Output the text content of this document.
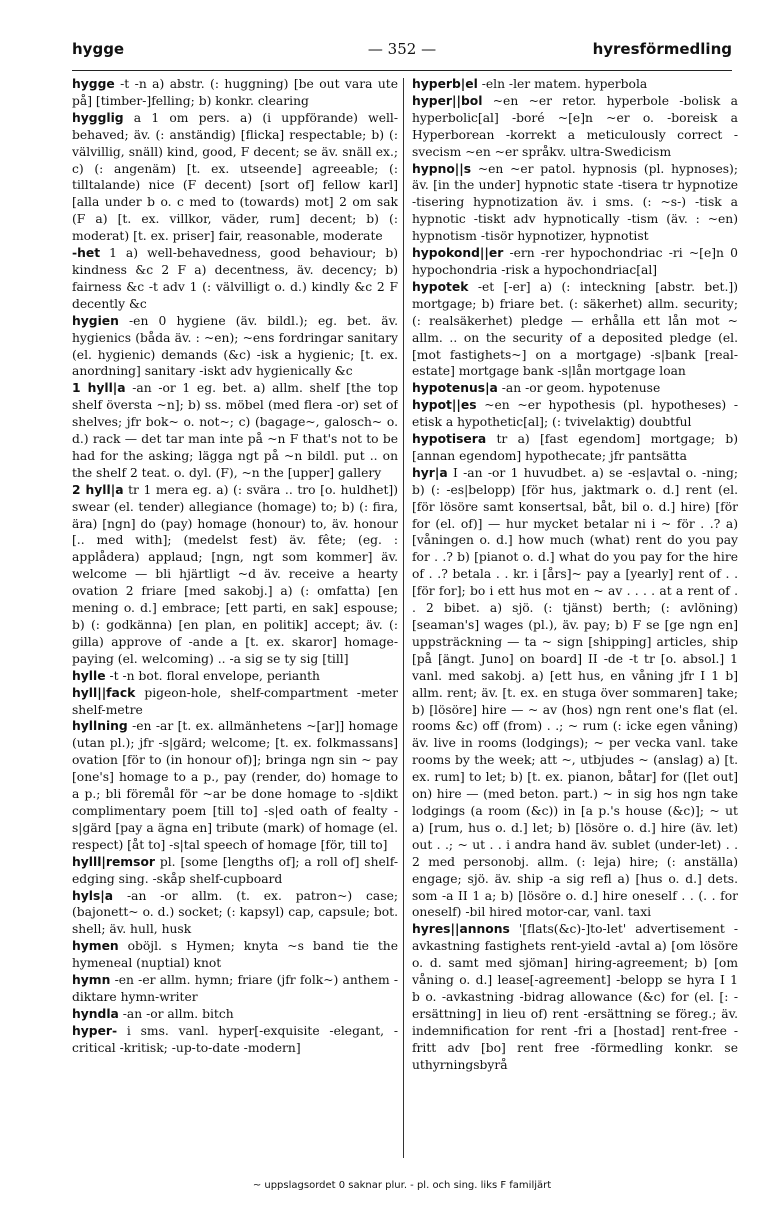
hygge	— 352 —	hyresförmedling

hygge -t -n a) abstr. (: huggning) [be out vara ute på] [timber-]felling; b) konkr. clearing

hygglig a 1 om pers. a) (i uppförande) well-behaved; äv. (: anständig) [flicka] respectable; b) (: välvillig, snäll) kind, good, F decent; se äv. snäll ex.; c) (: angenäm) [t. ex. utseende] agreeable; (: tilltalande) nice (F decent) [sort of] fellow karl] [alla under b o. c med to (towards) mot] 2 om sak (F a) [t. ex. villkor, väder, rum] decent; b) (: moderat) [t. ex. priser] fair, reasonable, moderate

-het 1 a) well-behavedness, good behaviour; b) kindness &c 2 F a) decentness, äv. decency; b) fairness &c -t adv 1 (: välvilligt o. d.) kindly &c 2 F decently &c

hygien -en 0 hygiene (äv. bildl.); eg. bet. äv. hygienics (båda äv. : ~en); ~ens fordringar sanitary (el. hygienic) demands (&c) -isk a hygienic; [t. ex. anordning] sanitary -iskt adv hygienically &c

1 hyll|a -an -or 1 eg. bet. a) allm. shelf [the top shelf översta ~n]; b) ss. möbel (med flera -or) set of shelves; jfr bok~ o. not~; c) (bagage~, galosch~ o. d.) rack — det tar man inte på ~n F that's not to be had for the asking; lägga ngt på ~n bildl. put .. on the shelf 2 teat. o. dyl. (F), ~n the [upper] gallery

2 hyll|a tr 1 mera eg. a) (: svära .. tro [o. huldhet]) swear (el. tender) allegiance (homage) to; b) (: fira, ära) [ngn] do (pay) homage (honour) to, äv. honour [.. med with]; (medelst fest) äv. fête; (eg. : applådera) applaud; [ngn, ngt som kommer] äv. welcome — bli hjärtligt ~d äv. receive a hearty ovation 2 friare [med sakobj.] a) (: omfatta) [en mening o. d.] embrace; [ett parti, en sak] espouse; b) (: godkänna) [en plan, en politik] accept; äv. (: gilla) approve of -ande a [t. ex. skaror] homage-paying (el. welcoming) .. -a sig se ty sig [till]

hylle -t -n bot. floral envelope, perianth

hyll||fack pigeon-hole, shelf-compartment -meter shelf-metre

hyllning -en -ar [t. ex. allmänhetens ~[ar]] homage (utan pl.); jfr -s|gärd; welcome; [t. ex. folkmassans] ovation [för to (in honour of)]; bringa ngn sin ~ pay [one's] homage to a p., pay (render, do) homage to a p.; bli föremål för ~ar be done homage to -s|dikt complimentary poem [till to] -s|ed oath of fealty -s|gärd [pay a ägna en] tribute (mark) of homage (el. respect) [åt to] -s|tal speech of homage [för, till to]

hylll|remsor pl. [some [lengths of]; a roll of] shelf-edging sing. -skåp shelf-cupboard

hyls|a -an -or allm. (t. ex. patron~) case; (bajonett~ o. d.) socket; (: kapsyl) cap, capsule; bot. shell; äv. hull, husk

hymen oböjl. s Hymen; knyta ~s band tie the hymeneal (nuptial) knot

hymn -en -er allm. hymn; friare (jfr folk~) anthem -diktare hymn-writer

hyndla -an -or allm. bitch

hyper- i sms. vanl. hyper[-exquisite -elegant, -critical -kritisk; -up-to-date -modern]

hyperb|el -eln -ler matem. hyperbola

hyper||bol ~en ~er retor. hyperbole -bolisk a hyperbolic[al] -boré ~[e]n ~er o. -boreisk a Hyperborean -korrekt a meticulously correct -svecism ~en ~er språkv. ultra-Swedicism

hypno||s ~en ~er patol. hypnosis (pl. hypnoses); äv. [in the under] hypnotic state -tisera tr hypnotize -tisering hypnotization äv. i sms. (: ~s-) -tisk a hypnotic -tiskt adv hypnotically -tism (äv. : ~en) hypnotism -tisör hypnotizer, hypnotist

hypokond||er -ern -rer hypochondriac -ri ~[e]n 0 hypochondria -risk a hypochondriac[al]

hypotek -et [-er] a) (: inteckning [abstr. bet.]) mortgage; b) friare bet. (: säkerhet) allm. security; (: realsäkerhet) pledge — erhålla ett lån mot ~ allm. .. on the security of a deposited pledge (el. [mot fastighets~] on a mortgage) -s|bank [real-estate] mortgage bank -s|lån mortgage loan

hypotenus|a -an -or geom. hypotenuse

hypot||es ~en ~er hypothesis (pl. hypotheses) -etisk a hypothetic[al]; (: tvivelaktig) doubtful

hypotisera tr a) [fast egendom] mortgage; b) [annan egendom] hypothecate; jfr pantsätta

hyr|a I -an -or 1 huvudbet. a) se -es|avtal o. -ning; b) (: -es|belopp) [för hus, jaktmark o. d.] rent (el. [för lösöre samt konsertsal, båt, bil o. d.] hire) [för for (el. of)] — hur mycket betalar ni i ~ för . .? a) [våningen o. d.] how much (what) rent do you pay for . .? b) [pianot o. d.] what do you pay for the hire of . .? betala . . kr. i [års]~ pay a [yearly] rent of . . [för for]; bo i ett hus mot en ~ av . . . . at a rent of . . 2 bibet. a) sjö. (: tjänst) berth; (: avlöning) [seaman's] wages (pl.), äv. pay; b) F se [ge ngn en] uppsträckning — ta ~ sign [shipping] articles, ship [på [ängt. Juno] on board] II -de -t tr [o. absol.] 1 vanl. med sakobj. a) [ett hus, en våning jfr I 1 b] allm. rent; äv. [t. ex. en stuga över sommaren] take; b) [lösöre] hire — ~ av (hos) ngn rent one's flat (el. rooms &c) off (from) . .; ~ rum (: icke egen våning) äv. live in rooms (lodgings); ~ per vecka vanl. take rooms by the week; att ~, utbjudes ~ (anslag) a) [t. ex. rum] to let; b) [t. ex. pianon, båtar] for ([let out] on) hire — (med beton. part.) ~ in sig hos ngn take lodgings (a room (&c)) in [a p.'s house (&c)]; ~ ut a) [rum, hus o. d.] let; b) [lösöre o. d.] hire (äv. let) out . .; ~ ut . . i andra hand äv. sublet (under-let) . . 2 med personobj. allm. (: leja) hire; (: anställa) engage; sjö. äv. ship -a sig refl a) [hus o. d.] dets. som -a II 1 a; b) [lösöre o. d.] hire oneself . . (. . for oneself) -bil hired motor-car, vanl. taxi

hyres||annons '[flats(&c)-]to-let' advertisement -avkastning fastighets rent-yield -avtal a) [om lösöre o. d. samt med sjöman] hiring-agreement; b) [om våning o. d.] lease[-agreement] -belopp se hyra I 1 b o. -avkastning -bidrag allowance (&c) for (el. [: -ersättning] in lieu of) rent -ersättning se föreg.; äv. indemnification for rent -fri a [hostad] rent-free -fritt adv [bo] rent free -förmedling konkr. se uthyrningsbyrå

~ uppslagsordet 0 saknar plur. - pl. och sing. liks F familjärt
